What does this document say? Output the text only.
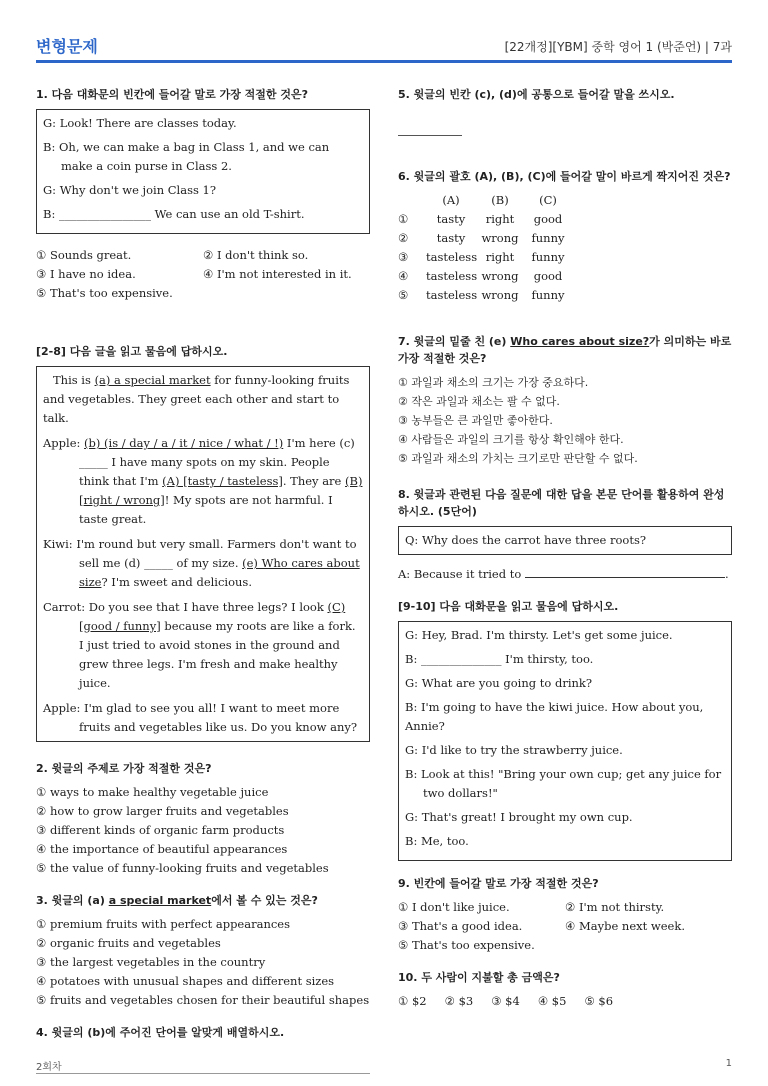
변형문제	[22개정][YBM] 중학 영어 1 (박준언) | 7과

1. 다음 대화문의 빈칸에 들어갈 말로 가장 적절한 것은?

G: Look! There are classes today.

B: Oh, we can make a bag in Class 1, and we can make a coin purse in Class 2.

G: Why don't we join Class 1?

B: ________________ We can use an old T-shirt.

① Sounds great.	② I don't think so.
③ I have no idea.	④ I'm not interested in it.
⑤ That's too expensive.

[2-8] 다음 글을 읽고 물음에 답하시오.

This is (a) a special market for funny-looking fruits and vegetables. They greet each other and start to talk.

Apple: (b) (is / day / a / it / nice / what / !) I'm here (c) _____ I have many spots on my skin. People think that I'm (A) [tasty / tasteless]. They are (B) [right / wrong]! My spots are not harmful. I taste great.

Kiwi: I'm round but very small. Farmers don't want to sell me (d) _____ of my size. (e) Who cares about size? I'm sweet and delicious.

Carrot: Do you see that I have three legs? I look (C) [good / funny] because my roots are like a fork. I just tried to avoid stones in the ground and grew three legs. I'm fresh and make healthy juice.

Apple: I'm glad to see you all! I want to meet more fruits and vegetables like us. Do you know any?

2. 윗글의 주제로 가장 적절한 것은?

① ways to make healthy vegetable juice
② how to grow larger fruits and vegetables
③ different kinds of organic farm products
④ the importance of beautiful appearances
⑤ the value of funny-looking fruits and vegetables

3. 윗글의 (a) a special market에서 볼 수 있는 것은?

① premium fruits with perfect appearances
② organic fruits and vegetables
③ the largest vegetables in the country
④ potatoes with unusual shapes and different sizes
⑤ fruits and vegetables chosen for their beautiful shapes

4. 윗글의 (b)에 주어진 단어를 알맞게 배열하시오.

5. 윗글의 빈칸 (c), (d)에 공통으로 들어갈 말을 쓰시오.

6. 윗글의 괄호 (A), (B), (C)에 들어갈 말이 바르게 짝지어진 것은?

(A)	(B)	(C)
①	tasty	right	good
②	tasty	wrong	funny
③	tasteless right	funny
④	tasteless wrong	good
⑤	tasteless wrong	funny

7. 윗글의 밑줄 친 (e) Who cares about size?가 의미하는 바로 가장 적절한 것은?

① 과일과 채소의 크기는 가장 중요하다.
② 작은 과일과 채소는 팔 수 없다.
③ 농부들은 큰 과일만 좋아한다.
④ 사람들은 과일의 크기를 항상 확인해야 한다.
⑤ 과일과 채소의 가치는 크기로만 판단할 수 없다.

8. 윗글과 관련된 다음 질문에 대한 답을 본문 단어를 활용하여 완성하시오. (5단어)

Q: Why does the carrot have three roots?
A: Because it tried to	.

[9-10] 다음 대화문을 읽고 물음에 답하시오.

G: Hey, Brad. I'm thirsty. Let's get some juice.

B: ______________ I'm thirsty, too.

G: What are you going to drink?

B: I'm going to have the kiwi juice. How about you, Annie?

G: I'd like to try the strawberry juice.

B: Look at this! "Bring your own cup; get any juice for two dollars!"

G: That's great! I brought my own cup.

B: Me, too.

9. 빈칸에 들어갈 말로 가장 적절한 것은?

① I don't like juice.	② I'm not thirsty.
③ That's a good idea.	④ Maybe next week.
⑤ That's too expensive.

10. 두 사람이 지불할 총 금액은?

① $2 ② $3 ③ $4 ④ $5 ⑤ $6
2회차	1
